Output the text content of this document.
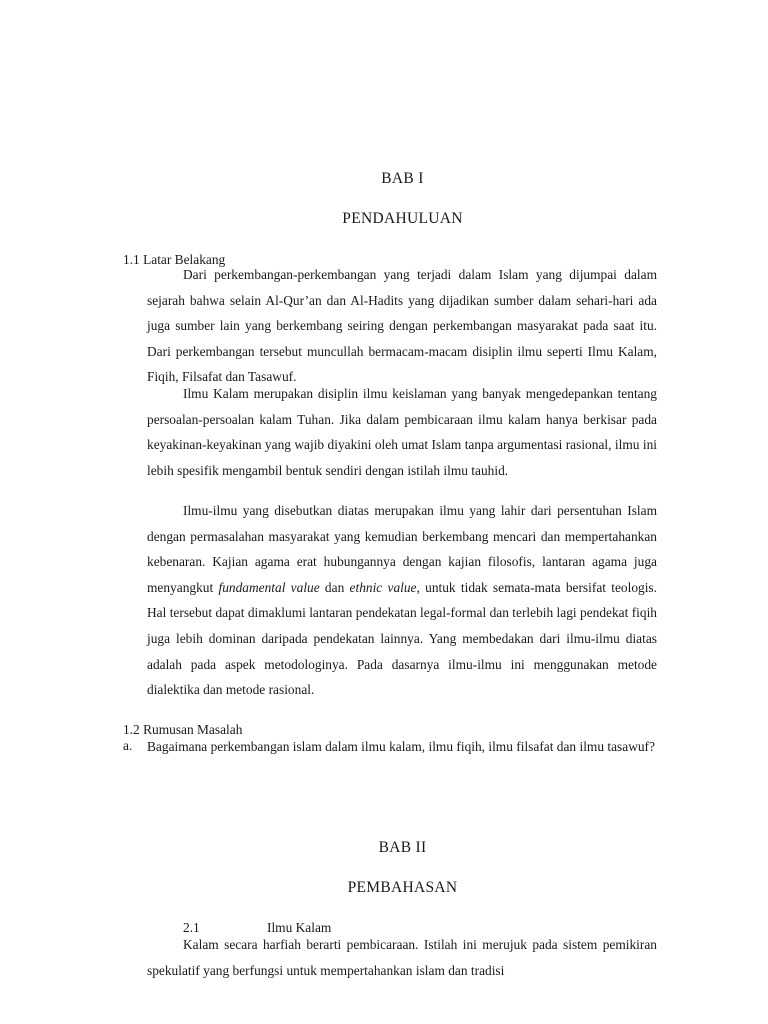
BAB I
PENDAHULUAN
1.1 Latar Belakang

Dari perkembangan-perkembangan yang terjadi dalam Islam yang dijumpai dalam sejarah bahwa selain Al-Qur’an dan Al-Hadits yang dijadikan sumber dalam sehari-hari ada juga sumber lain yang berkembang seiring dengan perkembangan masyarakat pada saat itu. Dari perkembangan tersebut muncullah bermacam-macam disiplin ilmu seperti Ilmu Kalam, Fiqih, Filsafat dan Tasawuf.

Ilmu Kalam merupakan disiplin ilmu keislaman yang banyak mengedepankan tentang persoalan-persoalan kalam Tuhan. Jika dalam pembicaraan ilmu kalam hanya berkisar pada keyakinan-keyakinan yang wajib diyakini oleh umat Islam tanpa argumentasi rasional, ilmu ini lebih spesifik mengambil bentuk sendiri dengan istilah ilmu tauhid.

Ilmu-ilmu yang disebutkan diatas merupakan ilmu yang lahir dari persentuhan Islam dengan permasalahan masyarakat yang kemudian berkembang mencari dan mempertahankan kebenaran. Kajian agama erat hubungannya dengan kajian filosofis, lantaran agama juga menyangkut fundamental value dan ethnic value, untuk tidak semata-mata bersifat teologis. Hal tersebut dapat dimaklumi lantaran pendekatan legal-formal dan terlebih lagi pendekat fiqih juga lebih dominan daripada pendekatan lainnya. Yang membedakan dari ilmu-ilmu diatas adalah pada aspek metodologinya. Pada dasarnya ilmu-ilmu ini menggunakan metode dialektika dan metode rasional.

1.2 Rumusan Masalah
a. Bagaimana perkembangan islam dalam ilmu kalam, ilmu fiqih, ilmu filsafat dan ilmu tasawuf?
BAB II
PEMBAHASAN
2.1	Ilmu Kalam

Kalam secara harfiah berarti pembicaraan. Istilah ini merujuk pada sistem pemikiran spekulatif yang berfungsi untuk mempertahankan islam dan tradisi
